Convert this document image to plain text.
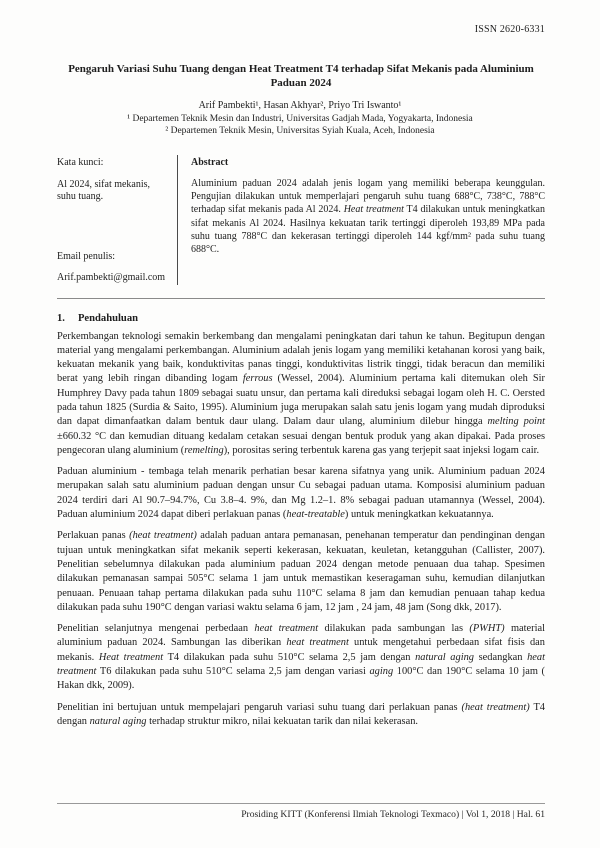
ISSN 2620-6331
Pengaruh Variasi Suhu Tuang dengan Heat Treatment T4 terhadap Sifat Mekanis pada Aluminium Paduan 2024
Arif Pambekti¹, Hasan Akhyar², Priyo Tri Iswanto¹
¹ Departemen Teknik Mesin dan Industri, Universitas Gadjah Mada, Yogyakarta, Indonesia
² Departemen Teknik Mesin, Universitas Syiah Kuala, Aceh, Indonesia
Kata kunci:
Al 2024, sifat mekanis, suhu tuang.
Email penulis:
Arif.pambekti@gmail.com
Abstract

Aluminium paduan 2024 adalah jenis logam yang memiliki beberapa keunggulan. Pengujian dilakukan untuk memperlajari pengaruh suhu tuang 688°C, 738°C, 788°C terhadap sifat mekanis pada Al 2024. Heat treatment T4 dilakukan untuk meningkatkan sifat mekanis Al 2024. Hasilnya kekuatan tarik tertinggi diperoleh 193,89 MPa pada suhu tuang 788°C dan kekerasan tertinggi diperoleh 144 kgf/mm² pada suhu tuang 688°C.

1. Pendahuluan

Perkembangan teknologi semakin berkembang dan mengalami peningkatan dari tahun ke tahun. Begitupun dengan material yang mengalami perkembangan. Aluminium adalah jenis logam yang memiliki ketahanan korosi yang baik, kekuatan mekanik yang baik, konduktivitas panas tinggi, konduktivitas listrik tinggi, tidak beracun dan memiliki berat yang lebih ringan dibanding logam ferrous (Wessel, 2004). Aluminium pertama kali ditemukan oleh Sir Humphrey Davy pada tahun 1809 sebagai suatu unsur, dan pertama kali direduksi sebagai logam oleh H. C. Oersted pada tahun 1825 (Surdia & Saito, 1995). Aluminium juga merupakan salah satu jenis logam yang mudah diproduksi dan dapat dimanfaatkan dalam bentuk daur ulang. Dalam daur ulang, aluminium dilebur hingga melting point ±660.32 °C dan kemudian dituang kedalam cetakan sesuai dengan bentuk produk yang akan dipakai. Pada proses pengecoran ulang aluminium (remelting), porositas sering terbentuk karena gas yang terjepit saat injeksi logam cair.

Paduan aluminium - tembaga telah menarik perhatian besar karena sifatnya yang unik. Aluminium paduan 2024 merupakan salah satu aluminium paduan dengan unsur Cu sebagai paduan utama. Komposisi aluminium paduan 2024 terdiri dari Al 90.7–94.7%, Cu 3.8–4. 9%, dan Mg 1.2–1. 8% sebagai paduan utamannya (Wessel, 2004). Paduan aluminium 2024 dapat diberi perlakuan panas (heat-treatable) untuk meningkatkan kekuatannya.

Perlakuan panas (heat treatment) adalah paduan antara pemanasan, penehanan temperatur dan pendinginan dengan tujuan untuk meningkatkan sifat mekanik seperti kekerasan, kekuatan, keuletan, ketangguhan (Callister, 2007). Penelitian sebelumnya dilakukan pada aluminium paduan 2024 dengan metode penuaan dua tahap. Spesimen dilakukan pemanasan sampai 505°C selama 1 jam untuk memastikan keseragaman suhu, kemudian dilanjutkan penuaan. Penuaan tahap pertama dilakukan pada suhu 110°C selama 8 jam dan kemudian penuaan tahap kedua dilakukan pada suhu 190°C dengan variasi waktu selama 6 jam, 12 jam , 24 jam, 48 jam (Song dkk, 2017).

Penelitian selanjutnya mengenai perbedaan heat treatment dilakukan pada sambungan las (PWHT) material aluminium paduan 2024. Sambungan las diberikan heat treatment untuk mengetahui perbedaan sifat fisis dan mekanis. Heat treatment T4 dilakukan pada suhu 510°C selama 2,5 jam dengan natural aging sedangkan heat treatment T6 dilakukan pada suhu 510°C selama 2,5 jam dengan variasi aging 100°C dan 190°C selama 10 jam ( Hakan dkk, 2009).

Penelitian ini bertujuan untuk mempelajari pengaruh variasi suhu tuang dari perlakuan panas (heat treatment) T4 dengan natural aging terhadap struktur mikro, nilai kekuatan tarik dan nilai kekerasan.

Prosiding KITT (Konferensi Ilmiah Teknologi Texmaco) | Vol 1, 2018 | Hal. 61
